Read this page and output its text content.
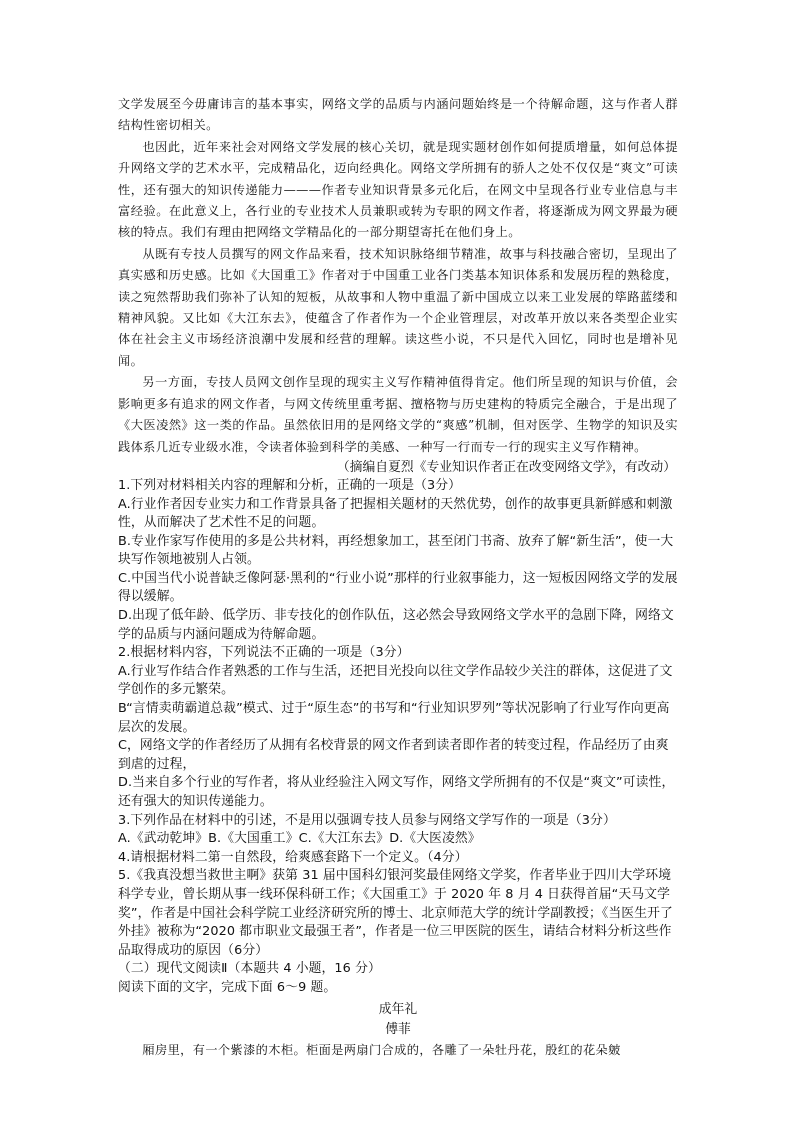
文学发展至今毋庸讳言的基本事实，网络文学的品质与内涵问题始终是一个待解命题，这与作者人群结构性密切相关。

也因此，近年来社会对网络文学发展的核心关切，就是现实题材创作如何提质增量，如何总体提升网络文学的艺术水平，完成精品化，迈向经典化。网络文学所拥有的骄人之处不仅仅是“爽文”可读性，还有强大的知识传递能力———作者专业知识背景多元化后，在网文中呈现各行业专业信息与丰富经验。在此意义上，各行业的专业技术人员兼职或转为专职的网文作者，将逐渐成为网文界最为硬核的特点。我们有理由把网络文学精品化的一部分期望寄托在他们身上。

从既有专技人员撰写的网文作品来看，技术知识脉络细节精准，故事与科技融合密切，呈现出了真实感和历史感。比如《大国重工》作者对于中国重工业各门类基本知识体系和发展历程的熟稔度，读之宛然帮助我们弥补了认知的短板，从故事和人物中重温了新中国成立以来工业发展的筚路蓝缕和精神风貌。又比如《大江东去》，使蕴含了作者作为一个企业管理层，对改革开放以来各类型企业实体在社会主义市场经济浪潮中发展和经营的理解。读这些小说，不只是代入回忆，同时也是增补见闻。

另一方面，专技人员网文创作呈现的现实主义写作精神值得肯定。他们所呈现的知识与价值，会影响更多有追求的网文作者，与网文传统里重考据、擅格物与历史建构的特质完全融合，于是出现了《大医凌然》这一类的作品。虽然依旧用的是网络文学的“爽感”机制，但对医学、生物学的知识及实践体系几近专业级水准，令读者体验到科学的美感、一种写一行而专一行的现实主义写作精神。

（摘编自夏烈《专业知识作者正在改变网络文学》，有改动）

1.下列对材料相关内容的理解和分析，正确的一项是（3分）

A.行业作者因专业实力和工作背景具备了把握相关题材的天然优势，创作的故事更具新鲜感和刺激性，从而解决了艺术性不足的问题。

B.专业作家写作使用的多是公共材料，再经想象加工，甚至闭门书斋、放弃了解“新生活”，使一大块写作领地被别人占领。

C.中国当代小说普缺乏像阿瑟·黑利的“行业小说”那样的行业叙事能力，这一短板因网络文学的发展得以缓解。

D.出现了低年龄、低学历、非专技化的创作队伍，这必然会导致网络文学水平的急剧下降，网络文学的品质与内涵问题成为待解命题。

2.根据材料内容，下列说法不正确的一项是（3分）

A.行业写作结合作者熟悉的工作与生活，还把目光投向以往文学作品较少关注的群体，这促进了文学创作的多元繁荣。

B“言情卖萌霸道总裁”模式、过于“原生态”的书写和“行业知识罗列”等状况影响了行业写作向更高层次的发展。

C，网络文学的作者经历了从拥有名校背景的网文作者到读者即作者的转变过程，作品经历了由爽到虐的过程，

D.当来自多个行业的写作者，将从业经验注入网文写作，网络文学所拥有的不仅是“爽文”可读性，还有强大的知识传递能力。

3.下列作品在材料中的引述，不是用以强调专技人员参与网络文学写作的一项是（3分）

A.《武动乾坤》B.《大国重工》C.《大江东去》D.《大医凌然》

4.请根据材料二第一自然段，给爽感套路下一个定义。（4分）

5.《我真没想当救世主啊》获第 31 届中国科幻银河奖最佳网络文学奖，作者毕业于四川大学环境科学专业，曾长期从事一线环保科研工作；《大国重工》于 2020 年 8 月 4 日获得首届“天马文学奖”，作者是中国社会科学院工业经济研究所的博士、北京师范大学的统计学副教授；《当医生开了外挂》被称为“2020 都市职业文最强王者”，作者是一位三甲医院的医生，请结合材料分析这些作品取得成功的原因（6分）

（二）现代文阅读Ⅱ（本题共 4 小题，16 分）

阅读下面的文字，完成下面 6～9 题。

成年礼

傅菲

厢房里，有一个紫漆的木柜。柜面是两扇门合成的，各雕了一朵牡丹花，殷红的花朵皴
